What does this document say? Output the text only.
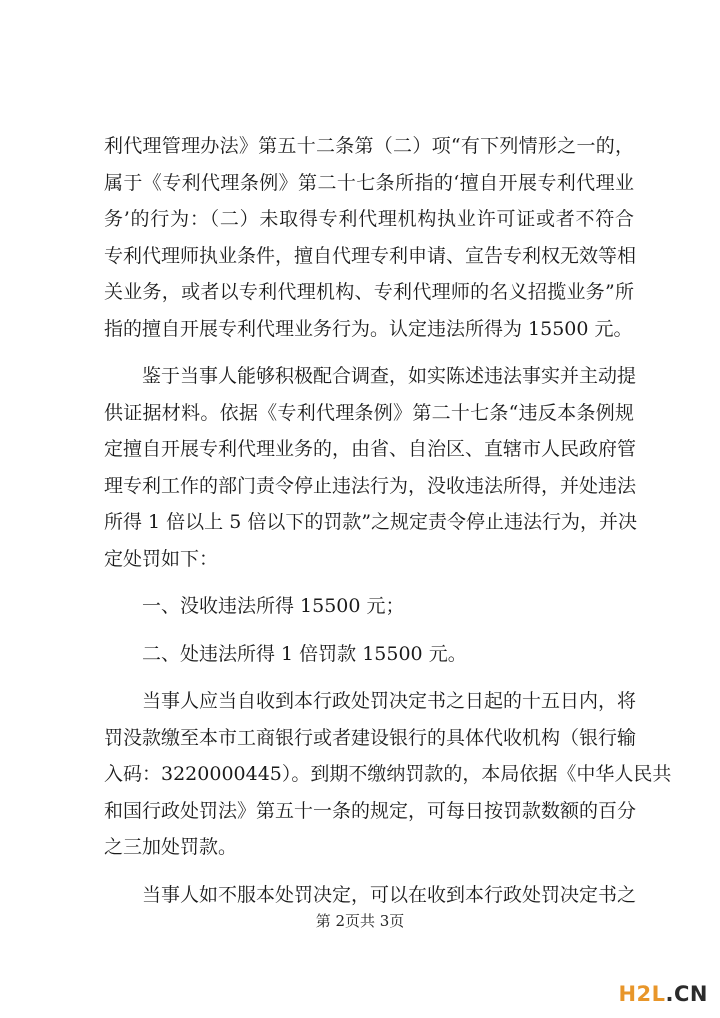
利代理管理办法》第五十二条第（二）项“有下列情形之一的，
属于《专利代理条例》第二十七条所指的‘擅自开展专利代理业
务’的行为：（二）未取得专利代理机构执业许可证或者不符合
专利代理师执业条件，擅自代理专利申请、宣告专利权无效等相
关业务，或者以专利代理机构、专利代理师的名义招揽业务”所
指的擅自开展专利代理业务行为。认定违法所得为 15500 元。

　　鉴于当事人能够积极配合调查，如实陈述违法事实并主动提
供证据材料。依据《专利代理条例》第二十七条“违反本条例规
定擅自开展专利代理业务的，由省、自治区、直辖市人民政府管
理专利工作的部门责令停止违法行为，没收违法所得，并处违法
所得 1 倍以上 5 倍以下的罚款”之规定责令停止违法行为，并决
定处罚如下：

　　一、没收违法所得 15500 元；

　　二、处违法所得 1 倍罚款 15500 元。

　　当事人应当自收到本行政处罚决定书之日起的十五日内，将
罚没款缴至本市工商银行或者建设银行的具体代收机构（银行输
入码：3220000445）。到期不缴纳罚款的，本局依据《中华人民共
和国行政处罚法》第五十一条的规定，可每日按罚款数额的百分
之三加处罚款。

　　当事人如不服本处罚决定，可以在收到本行政处罚决定书之

第 2页共 3页
H2L.CN
